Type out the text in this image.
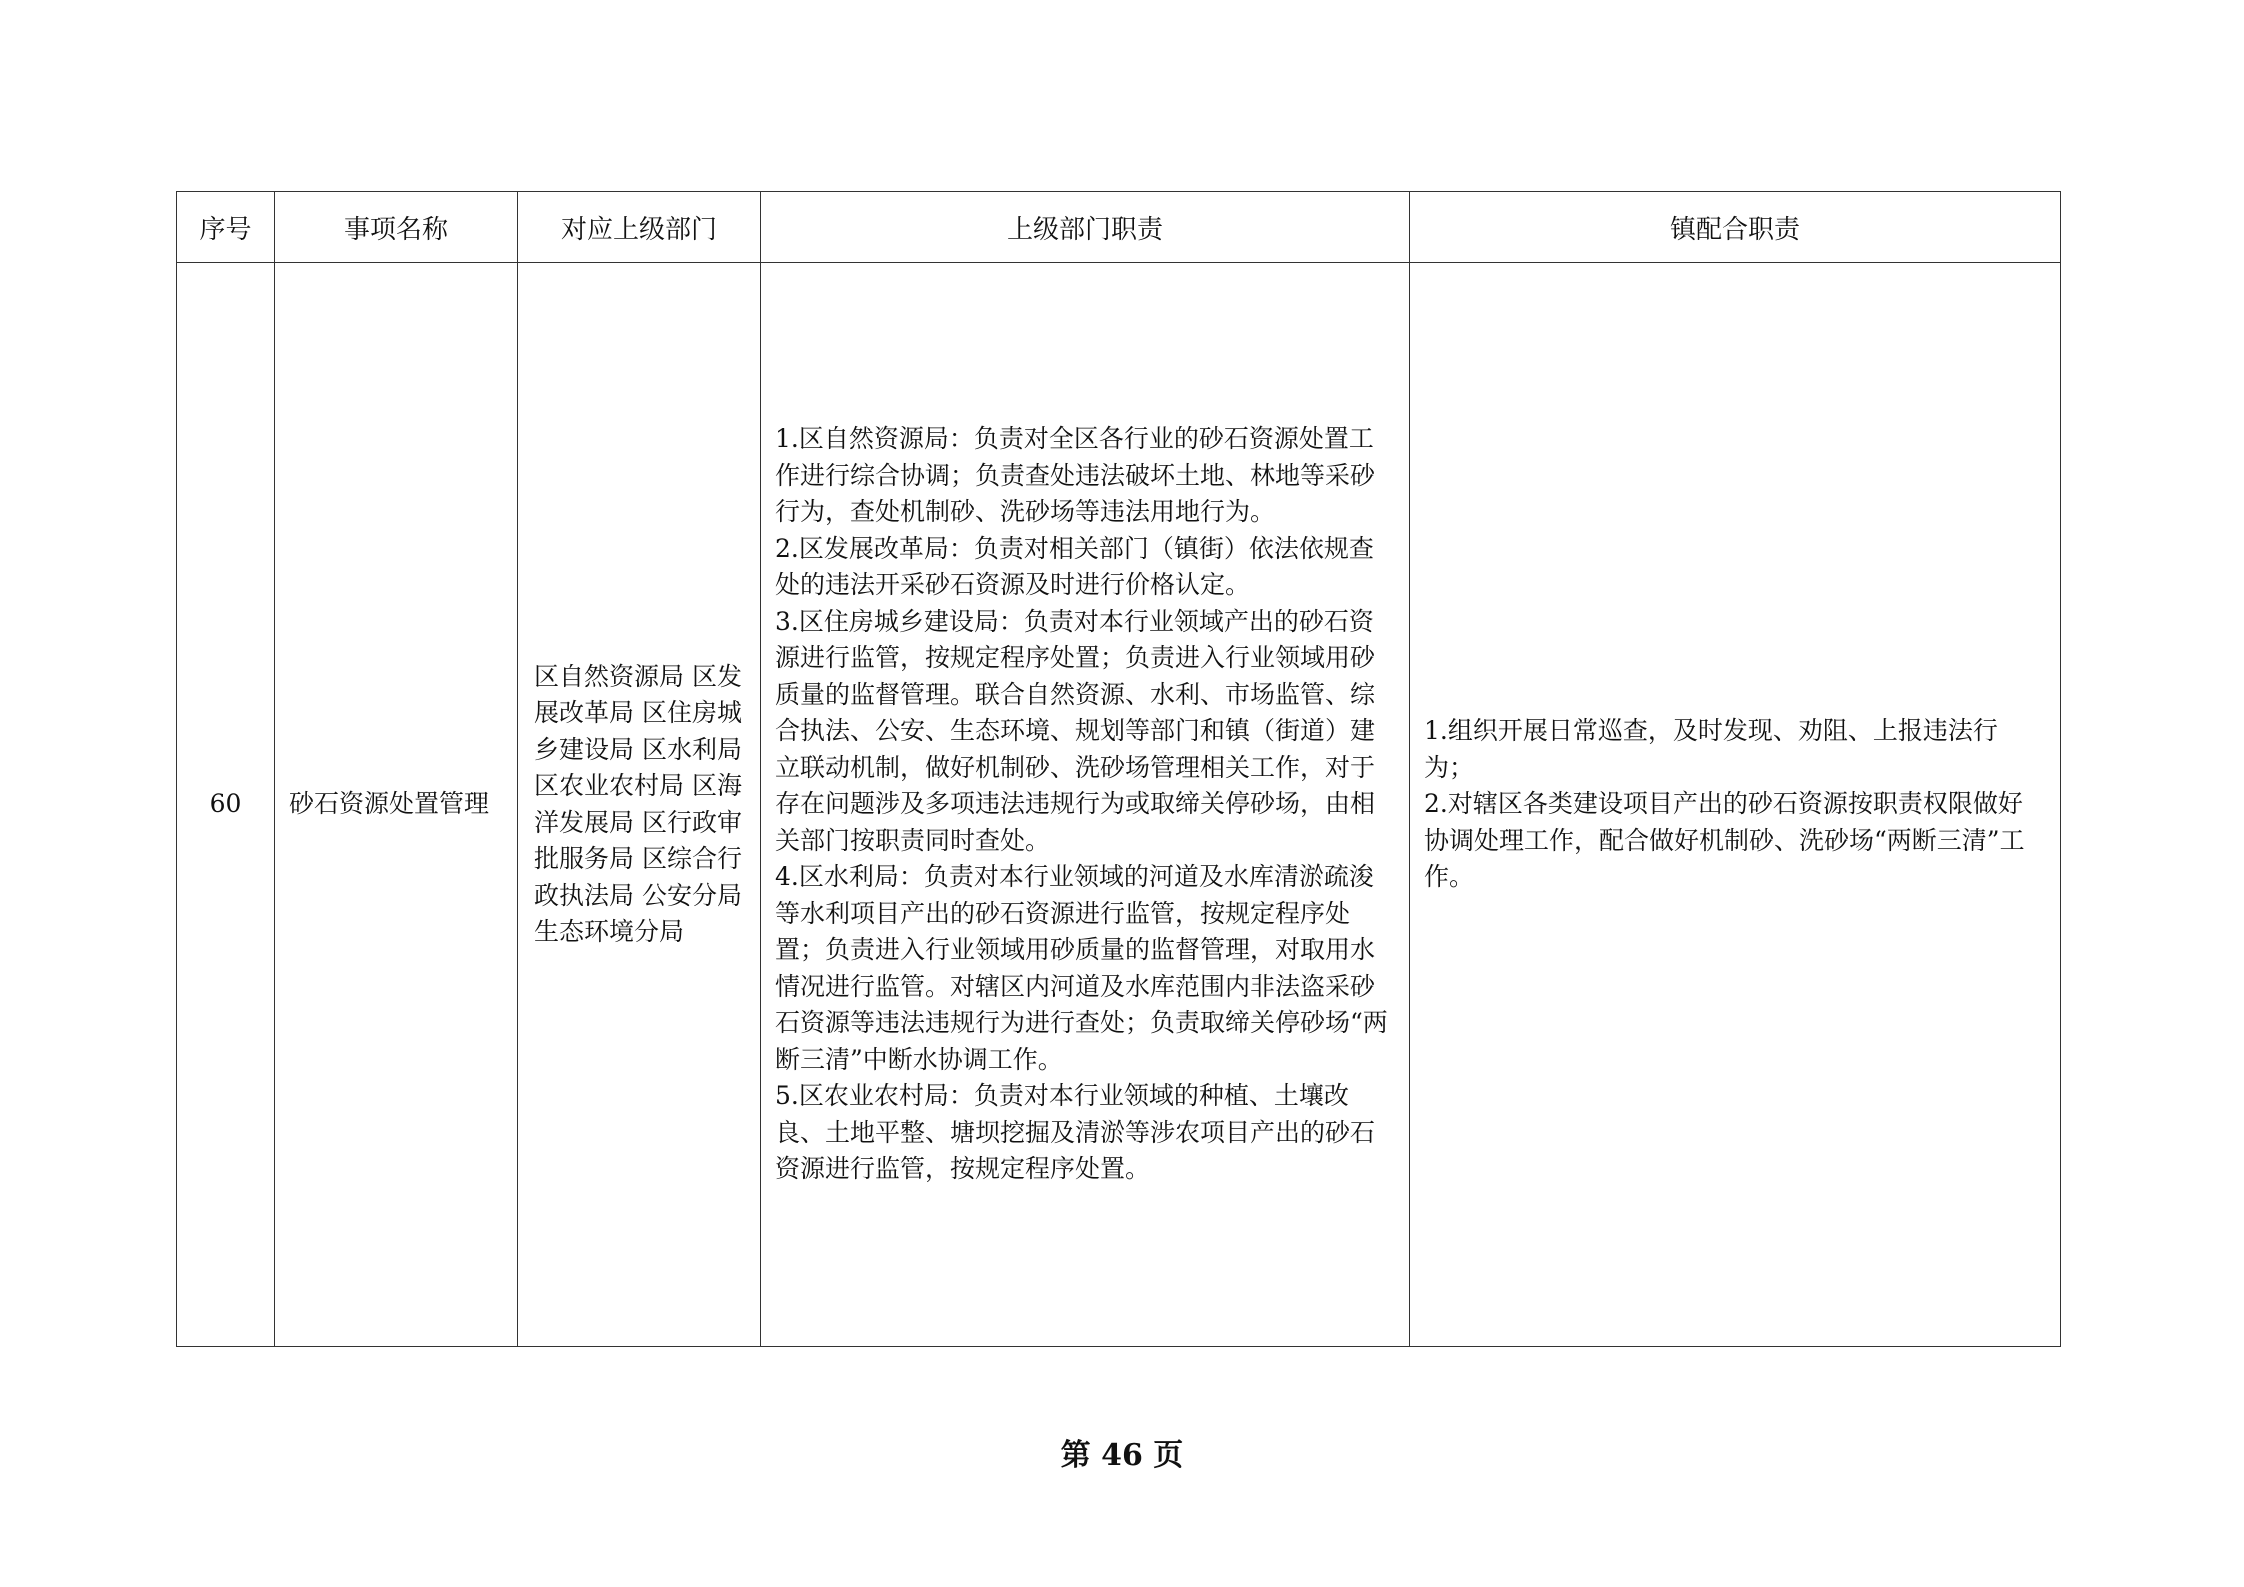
序号	事项名称	对应上级部门	上级部门职责	镇配合职责
60	砂石资源处置管理	区自然资源局 区发展改革局 区住房城乡建设局 区水利局 区农业农村局 区海洋发展局 区行政审批服务局 区综合行政执法局 公安分局 生态环境分局	1.区自然资源局：负责对全区各行业的砂石资源处置工作进行综合协调；负责查处违法破坏土地、林地等采砂行为，查处机制砂、洗砂场等违法用地行为。
2.区发展改革局：负责对相关部门（镇街）依法依规查处的违法开采砂石资源及时进行价格认定。
3.区住房城乡建设局：负责对本行业领域产出的砂石资源进行监管，按规定程序处置；负责进入行业领域用砂质量的监督管理。联合自然资源、水利、市场监管、综合执法、公安、生态环境、规划等部门和镇（街道）建立联动机制，做好机制砂、洗砂场管理相关工作，对于存在问题涉及多项违法违规行为或取缔关停砂场，由相关部门按职责同时查处。
4.区水利局：负责对本行业领域的河道及水库清淤疏浚等水利项目产出的砂石资源进行监管，按规定程序处置；负责进入行业领域用砂质量的监督管理，对取用水情况进行监管。对辖区内河道及水库范围内非法盗采砂石资源等违法违规行为进行查处；负责取缔关停砂场“两断三清”中断水协调工作。
5.区农业农村局：负责对本行业领域的种植、土壤改良、土地平整、塘坝挖掘及清淤等涉农项目产出的砂石资源进行监管，按规定程序处置。	1.组织开展日常巡查，及时发现、劝阻、上报违法行为；
2.对辖区各类建设项目产出的砂石资源按职责权限做好协调处理工作，配合做好机制砂、洗砂场“两断三清”工作。
第 46 页
